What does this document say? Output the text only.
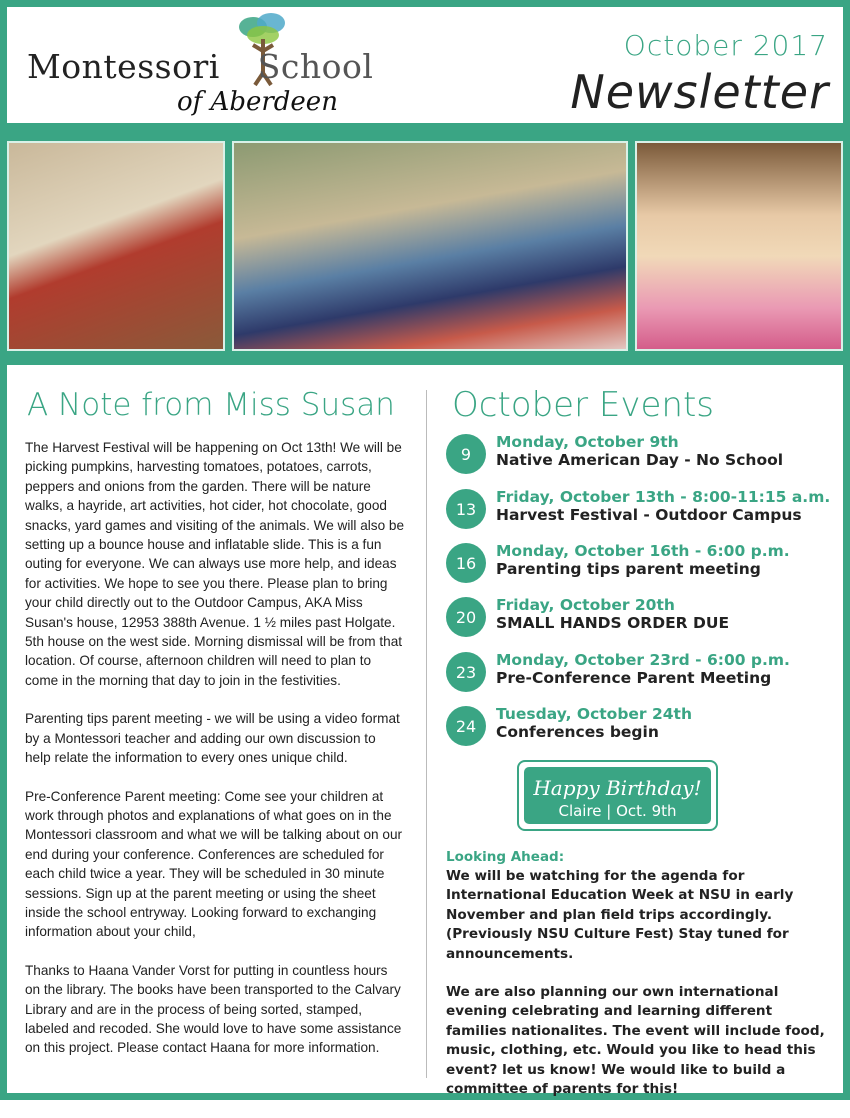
Montessori School
of Aberdeen
October 2017
Newsletter
A Note from Miss Susan

The Harvest Festival will be happening on Oct 13th! We will be picking pumpkins, harvesting tomatoes, potatoes, carrots, peppers and onions from the garden. There will be nature walks, a hayride, art activities, hot cider, hot chocolate, good snacks, yard games and visiting of the animals. We will also be setting up a bounce house and inflatable slide. This is a fun outing for everyone. We can always use more help, and ideas for activities. We hope to see you there. Please plan to bring your child directly out to the Outdoor Campus, AKA Miss Susan's house, 12953 388th Avenue. 1 ½ miles past Holgate. 5th house on the west side. Morning dismissal will be from that location. Of course, afternoon children will need to plan to come in the morning that day to join in the festivities.

Parenting tips parent meeting - we will be using a video format by a Montessori teacher and adding our own discussion to help relate the information to every ones unique child.

Pre-Conference Parent meeting: Come see your children at work through photos and explanations of what goes on in the Montessori classroom and what we will be talking about on our end during your conference. Conferences are scheduled for each child twice a year. They will be scheduled in 30 minute sessions. Sign up at the parent meeting or using the sheet inside the school entryway. Looking forward to exchanging information about your child,

Thanks to Haana Vander Vorst for putting in countless hours on the library. The books have been transported to the Calvary Library and are in the process of being sorted, stamped, labeled and recoded. She would love to have some assistance on this project. Please contact Haana for more information.

October Events
9
Monday, October 9th
Native American Day - No School
13
Friday, October 13th - 8:00-11:15 a.m.
Harvest Festival - Outdoor Campus
16
Monday, October 16th - 6:00 p.m.
Parenting tips parent meeting
20
Friday, October 20th
SMALL HANDS ORDER DUE
23
Monday, October 23rd - 6:00 p.m.
Pre-Conference Parent Meeting
24
Tuesday, October 24th
Conferences begin
Happy Birthday!
Claire | Oct. 9th
Looking Ahead:

We will be watching for the agenda for International Education Week at NSU in early November and plan field trips accordingly. (Previously NSU Culture Fest) Stay tuned for announcements.

We are also planning our own international evening celebrating and learning different families nationalites. The event will include food, music, clothing, etc. Would you like to head this event? let us know! We would like to build a committee of parents for this!
